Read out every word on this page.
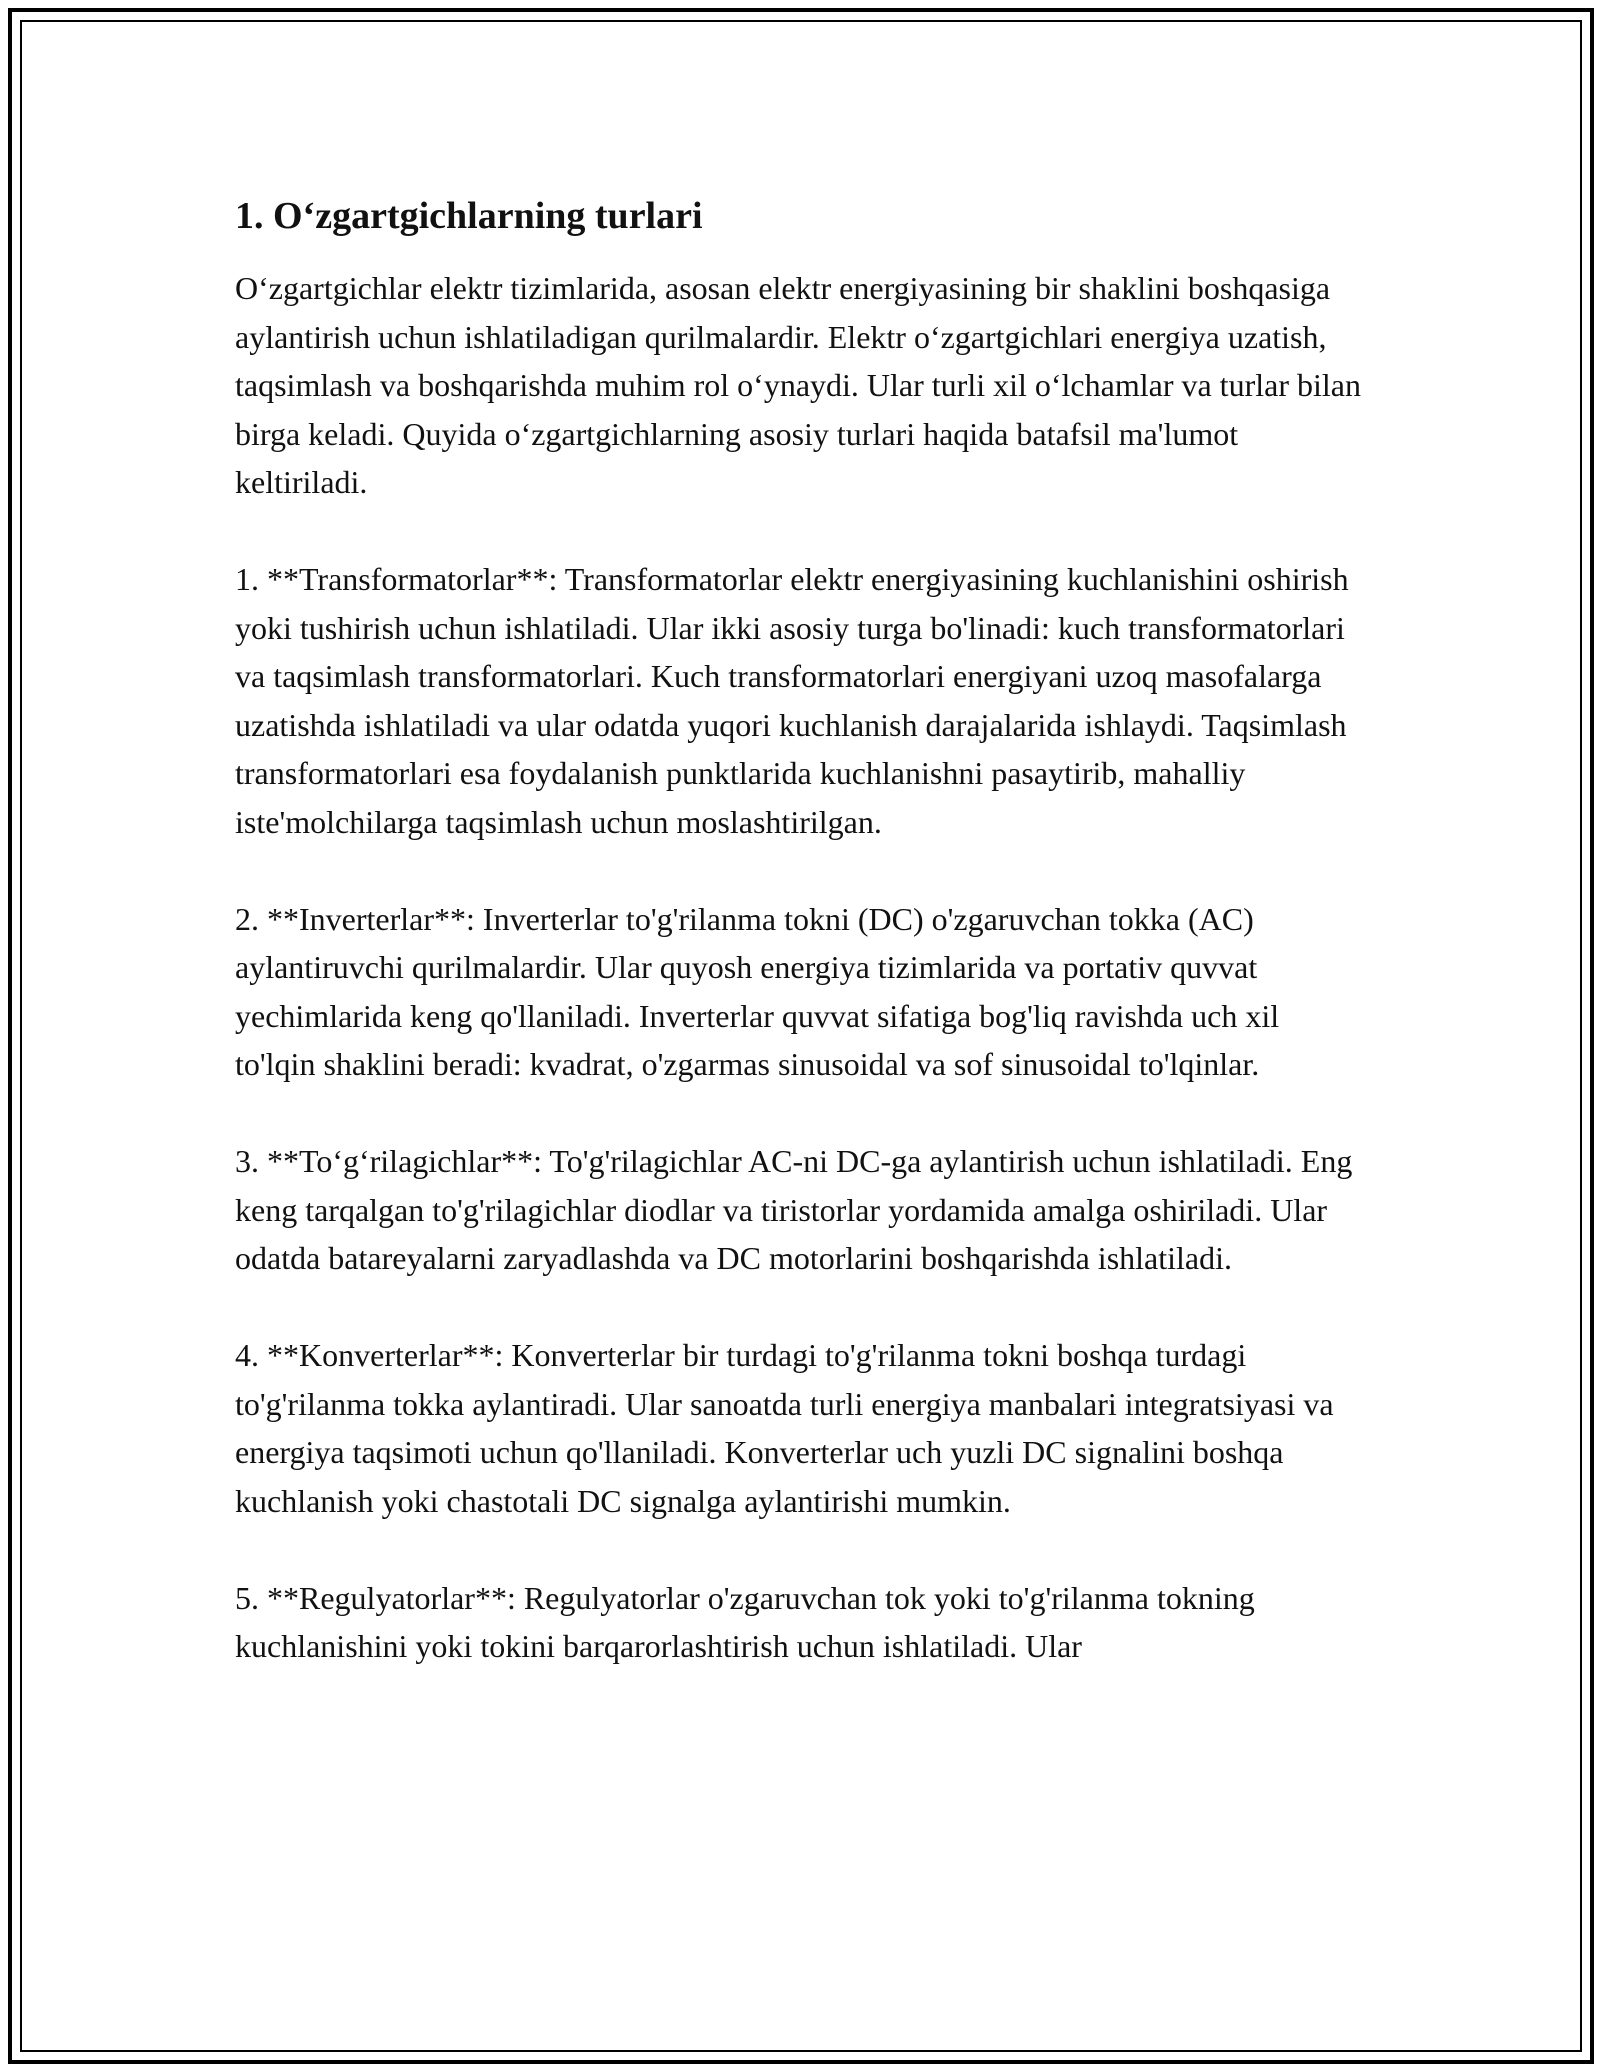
1. Oʻzgartgichlarning turlari

Oʻzgartgichlar elektr tizimlarida, asosan elektr energiyasining bir shaklini boshqasiga aylantirish uchun ishlatiladigan qurilmalardir. Elektr oʻzgartgichlari energiya uzatish, taqsimlash va boshqarishda muhim rol oʻynaydi. Ular turli xil oʻlchamlar va turlar bilan birga keladi. Quyida oʻzgartgichlarning asosiy turlari haqida batafsil ma'lumot keltiriladi.

1. **Transformatorlar**: Transformatorlar elektr energiyasining kuchlanishini oshirish yoki tushirish uchun ishlatiladi. Ular ikki asosiy turga bo'linadi: kuch transformatorlari va taqsimlash transformatorlari. Kuch transformatorlari energiyani uzoq masofalarga uzatishda ishlatiladi va ular odatda yuqori kuchlanish darajalarida ishlaydi. Taqsimlash transformatorlari esa foydalanish punktlarida kuchlanishni pasaytirib, mahalliy iste'molchilarga taqsimlash uchun moslashtirilgan.

2. **Inverterlar**: Inverterlar to'g'rilanma tokni (DC) o'zgaruvchan tokka (AC) aylantiruvchi qurilmalardir. Ular quyosh energiya tizimlarida va portativ quvvat yechimlarida keng qo'llaniladi. Inverterlar quvvat sifatiga bog'liq ravishda uch xil to'lqin shaklini beradi: kvadrat, o'zgarmas sinusoidal va sof sinusoidal to'lqinlar.

3. **Toʻgʻrilagichlar**: To'g'rilagichlar AC-ni DC-ga aylantirish uchun ishlatiladi. Eng keng tarqalgan to'g'rilagichlar diodlar va tiristorlar yordamida amalga oshiriladi. Ular odatda batareyalarni zaryadlashda va DC motorlarini boshqarishda ishlatiladi.

4. **Konverterlar**: Konverterlar bir turdagi to'g'rilanma tokni boshqa turdagi to'g'rilanma tokka aylantiradi. Ular sanoatda turli energiya manbalari integratsiyasi va energiya taqsimoti uchun qo'llaniladi. Konverterlar uch yuzli DC signalini boshqa kuchlanish yoki chastotali DC signalga aylantirishi mumkin.

5. **Regulyatorlar**: Regulyatorlar o'zgaruvchan tok yoki to'g'rilanma tokning kuchlanishini yoki tokini barqarorlashtirish uchun ishlatiladi. Ular
